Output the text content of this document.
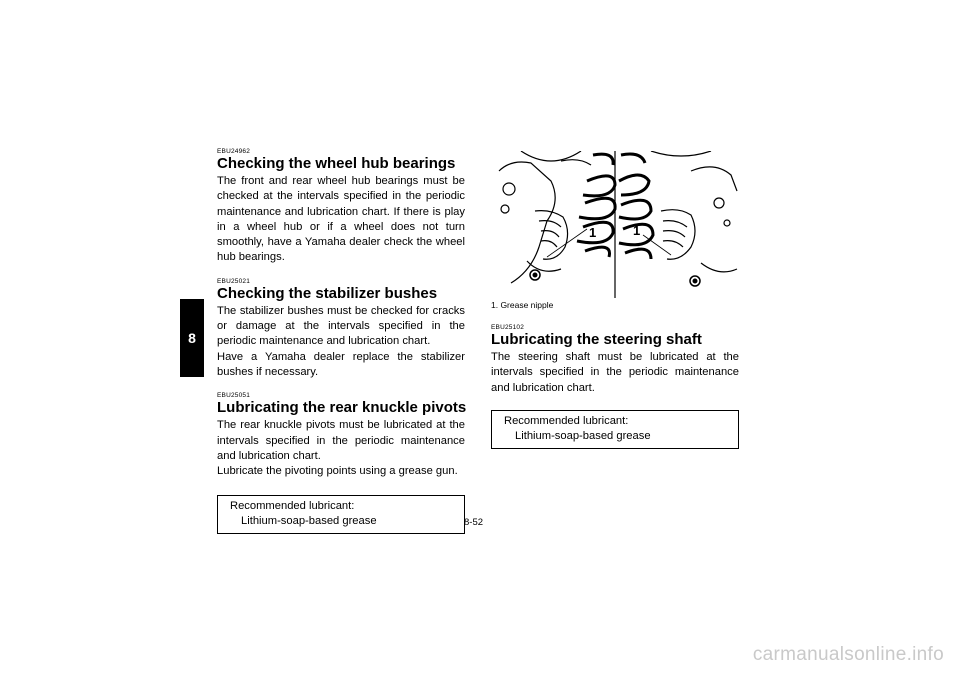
8
EBU24962
Checking the wheel hub bearings

The front and rear wheel hub bearings must be checked at the intervals specified in the periodic maintenance and lubrication chart. If there is play in a wheel hub or if a wheel does not turn smoothly, have a Yamaha dealer check the wheel hub bearings.

EBU25021
Checking the stabilizer bushes

The stabilizer bushes must be checked for cracks or damage at the intervals specified in the periodic maintenance and lubrication chart.

Have a Yamaha dealer replace the stabilizer bushes if necessary.

EBU25051
Lubricating the rear knuckle pivots

The rear knuckle pivots must be lubricated at the intervals specified in the periodic maintenance and lubrication chart.

Lubricate the pivoting points using a grease gun.

Recommended lubricant:
Lithium-soap-based grease
1	1
1. Grease nipple
EBU25102
Lubricating the steering shaft

The steering shaft must be lubricated at the intervals specified in the periodic maintenance and lubrication chart.

Recommended lubricant:
Lithium-soap-based grease
8-52
carmanualsonline.info
